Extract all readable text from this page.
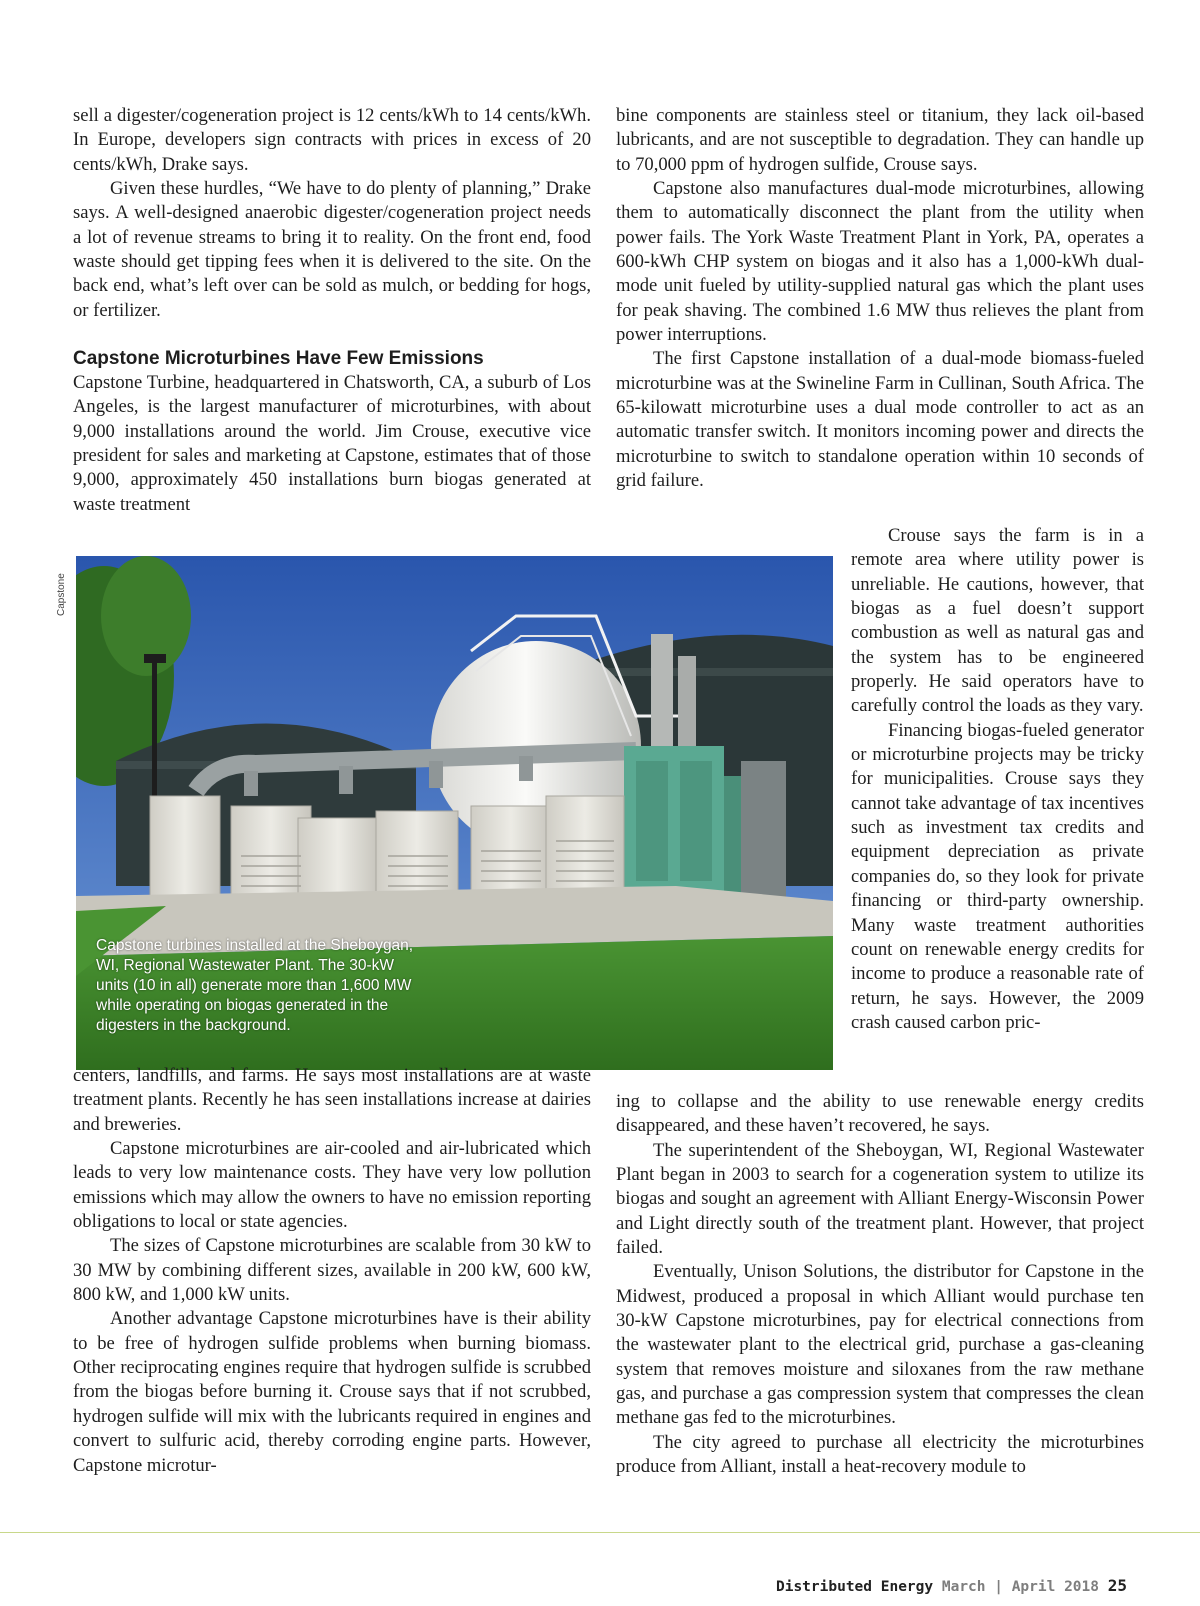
sell a digester/cogeneration project is 12 cents/kWh to 14 cents/kWh. In Europe, developers sign contracts with prices in excess of 20 cents/kWh, Drake says.

Given these hurdles, “We have to do plenty of planning,” Drake says. A well-designed anaerobic digester/cogeneration project needs a lot of revenue streams to bring it to reality. On the front end, food waste should get tipping fees when it is delivered to the site. On the back end, what’s left over can be sold as mulch, or bedding for hogs, or fertilizer.

Capstone Microturbines Have Few Emissions

Capstone Turbine, headquartered in Chatsworth, CA, a suburb of Los Angeles, is the largest manufacturer of microturbines, with about 9,000 installations around the world. Jim Crouse, executive vice president for sales and marketing at Capstone, estimates that of those 9,000, approximately 450 installations burn biogas generated at waste treatment

Capstone
Capstone turbines installed at the Sheboygan, WI, Regional Wastewater Plant. The 30-kW units (10 in all) generate more than 1,600 MW while operating on biogas generated in the digesters in the background.

centers, landfills, and farms. He says most installations are at waste treatment plants. Recently he has seen installations increase at dairies and breweries.

Capstone microturbines are air-cooled and air-lubricated which leads to very low maintenance costs. They have very low pollution emissions which may allow the owners to have no emission reporting obligations to local or state agencies.

The sizes of Capstone microturbines are scalable from 30 kW to 30 MW by combining different sizes, available in 200 kW, 600 kW, 800 kW, and 1,000 kW units.

Another advantage Capstone microturbines have is their ability to be free of hydrogen sulfide problems when burning biomass. Other reciprocating engines require that hydrogen sulfide is scrubbed from the biogas before burning it. Crouse says that if not scrubbed, hydrogen sulfide will mix with the lubricants required in engines and convert to sulfuric acid, thereby corroding engine parts. However, Capstone microtur-

bine components are stainless steel or titanium, they lack oil-based lubricants, and are not susceptible to degradation. They can handle up to 70,000 ppm of hydrogen sulfide, Crouse says.

Capstone also manufactures dual-mode microturbines, allowing them to automatically disconnect the plant from the utility when power fails. The York Waste Treatment Plant in York, PA, operates a 600-kWh CHP system on biogas and it also has a 1,000-kWh dual-mode unit fueled by utility-supplied natural gas which the plant uses for peak shaving. The combined 1.6 MW thus relieves the plant from power interruptions.

The first Capstone installation of a dual-mode biomass-fueled microturbine was at the Swineline Farm in Cullinan, South Africa. The 65-kilowatt microturbine uses a dual mode controller to act as an automatic transfer switch. It monitors incoming power and directs the microturbine to switch to standalone operation within 10 seconds of grid failure.

Crouse says the farm is in a remote area where utility power is unreliable. He cautions, however, that biogas as a fuel doesn’t support combustion as well as natural gas and the system has to be engineered properly. He said operators have to carefully control the loads as they vary.

Financing biogas-fueled generator or microturbine projects may be tricky for municipalities. Crouse says they cannot take advantage of tax incentives such as investment tax credits and equipment depreciation as private companies do, so they look for private financing or third-party ownership. Many waste treatment authorities count on renewable energy credits for income to produce a reasonable rate of return, he says. However, the 2009 crash caused carbon pric-

ing to collapse and the ability to use renewable energy credits disappeared, and these haven’t recovered, he says.

The superintendent of the Sheboygan, WI, Regional Wastewater Plant began in 2003 to search for a cogeneration system to utilize its biogas and sought an agreement with Alliant Energy-Wisconsin Power and Light directly south of the treatment plant. However, that project failed.

Eventually, Unison Solutions, the distributor for Capstone in the Midwest, produced a proposal in which Alliant would purchase ten 30-kW Capstone microturbines, pay for electrical connections from the wastewater plant to the electrical grid, purchase a gas-cleaning system that removes moisture and siloxanes from the raw methane gas, and purchase a gas compression system that compresses the clean methane gas fed to the microturbines.

The city agreed to purchase all electricity the microturbines produce from Alliant, install a heat-recovery module to

Distributed Energy March | April 2018 25
